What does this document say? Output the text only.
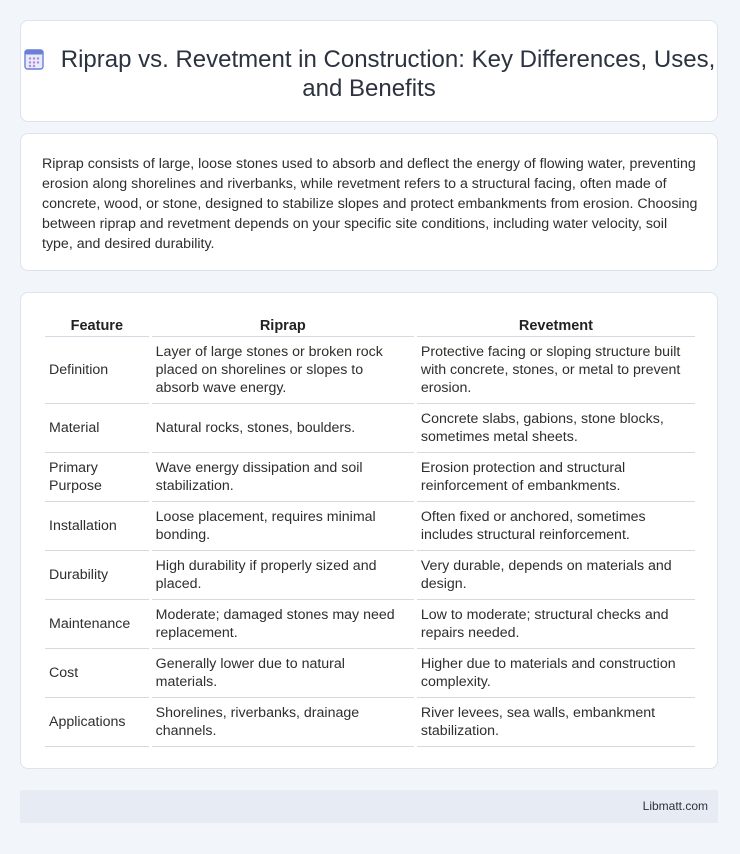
Riprap vs. Revetment in Construction: Key Differences, Uses, and Benefits
Riprap consists of large, loose stones used to absorb and deflect the energy of flowing water, preventing erosion along shorelines and riverbanks, while revetment refers to a structural facing, often made of concrete, wood, or stone, designed to stabilize slopes and protect embankments from erosion. Choosing between riprap and revetment depends on your specific site conditions, including water velocity, soil type, and desired durability.
Feature	Riprap	Revetment
Definition	Layer of large stones or broken rock placed on shorelines or slopes to absorb wave energy.	Protective facing or sloping structure built with concrete, stones, or metal to prevent erosion.
Material	Natural rocks, stones, boulders.	Concrete slabs, gabions, stone blocks, sometimes metal sheets.
Primary Purpose	Wave energy dissipation and soil stabilization.	Erosion protection and structural reinforcement of embankments.
Installation	Loose placement, requires minimal bonding.	Often fixed or anchored, sometimes includes structural reinforcement.
Durability	High durability if properly sized and placed.	Very durable, depends on materials and design.
Maintenance	Moderate; damaged stones may need replacement.	Low to moderate; structural checks and repairs needed.
Cost	Generally lower due to natural materials.	Higher due to materials and construction complexity.
Applications	Shorelines, riverbanks, drainage channels.	River levees, sea walls, embankment stabilization.
Libmatt.com
